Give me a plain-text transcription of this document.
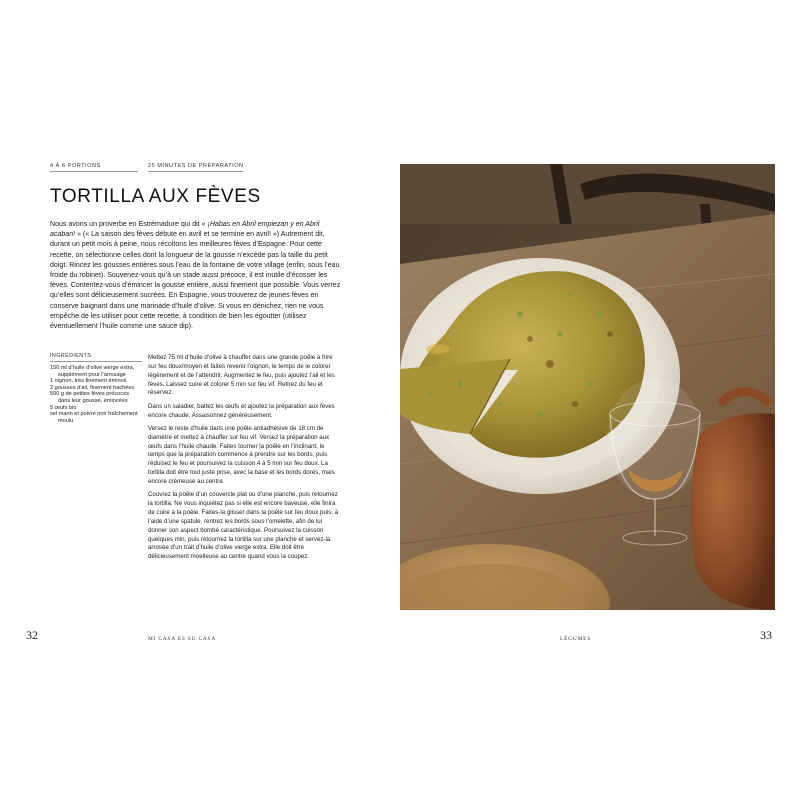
4 À 6 PORTIONS	25 MINUTES DE PRÉPARATION
TORTILLA AUX FÈVES

Nous avons un proverbe en Estrémadure qui dit « ¡Habas en Abril empiezan y en Abril acaban! » (« La saison des fèves débute en avril et se termine en avril! ») Autrement dit, durant un petit mois à peine, nous récoltons les meilleures fèves d’Espagne. Pour cette recette, on sélectionne celles dont la longueur de la gousse n’excède pas la taille du petit doigt. Rincez les gousses entières sous l’eau de la fontaine de votre village (enfin, sous l’eau froide du robinet). Souvenez-vous qu’à un stade aussi précoce, il est inutile d’écosser les fèves. Contentez-vous d’émincer la gousse entière, aussi finement que possible. Vous verrez qu’elles sont délicieusement sucrées. En Espagne, vous trouverez de jeunes fèves en conserve baignant dans une marinade d’huile d’olive. Si vous en dénichez, rien ne vous empêche de les utiliser pour cette recette, à condition de bien les égoutter (utilisez éventuellement l’huile comme une sauce dip).

INGRÉDIENTS
150 ml d’huile d’olive vierge extra, supplément pour l’arrosage
1 oignon, très finement émincé
2 gousses d’ail, finement hachées
500 g de petites fèves précoces dans leur gousse, émincées
5 œufs bio
sel marin et poivre noir fraîchement moulu

Mettez 75 ml d’huile d’olive à chauffer dans une grande poêle à frire sur feu doux/moyen et faites revenir l’oignon, le temps de le colorer légèrement et de l’attendrir. Augmentez le feu, puis ajoutez l’ail et les fèves. Laissez cuire et colorer 5 min sur feu vif. Retirez du feu et réservez.

Dans un saladier, battez les œufs et ajoutez la préparation aux fèves encore chaude. Assaisonnez généreusement.

Versez le reste d’huile dans une poêle antiadhésive de 18 cm de diamètre et mettez à chauffer sur feu vif. Versez la préparation aux œufs dans l’huile chaude. Faites tourner la poêle en l’inclinant, le temps que la préparation commence à prendre sur les bords, puis réduisez le feu et poursuivez la cuisson 4 à 5 min sur feu doux. La tortilla doit être tout juste prise, avec la base et les bords dorés, mais encore crémeuse au centre.

Couvrez la poêle d’un couvercle plat ou d’une planche, puis retournez la tortilla. Ne vous inquiétez pas si elle est encore baveuse, elle finira de cuire à la poêle. Faites-la glisser dans la poêle sur feu doux puis, à l’aide d’une spatule, rentrez les bords sous l’omelette, afin de lui donner son aspect bombé caractéristique. Poursuivez la cuisson quelques min, puis retournez la tortilla sur une planche et servez-la arrosée d’un trait d’huile d’olive vierge extra. Elle doit être délicieusement moelleuse au centre quand vous la coupez.

32	MI CASA ES SU CASA	33
LÉGUMES
